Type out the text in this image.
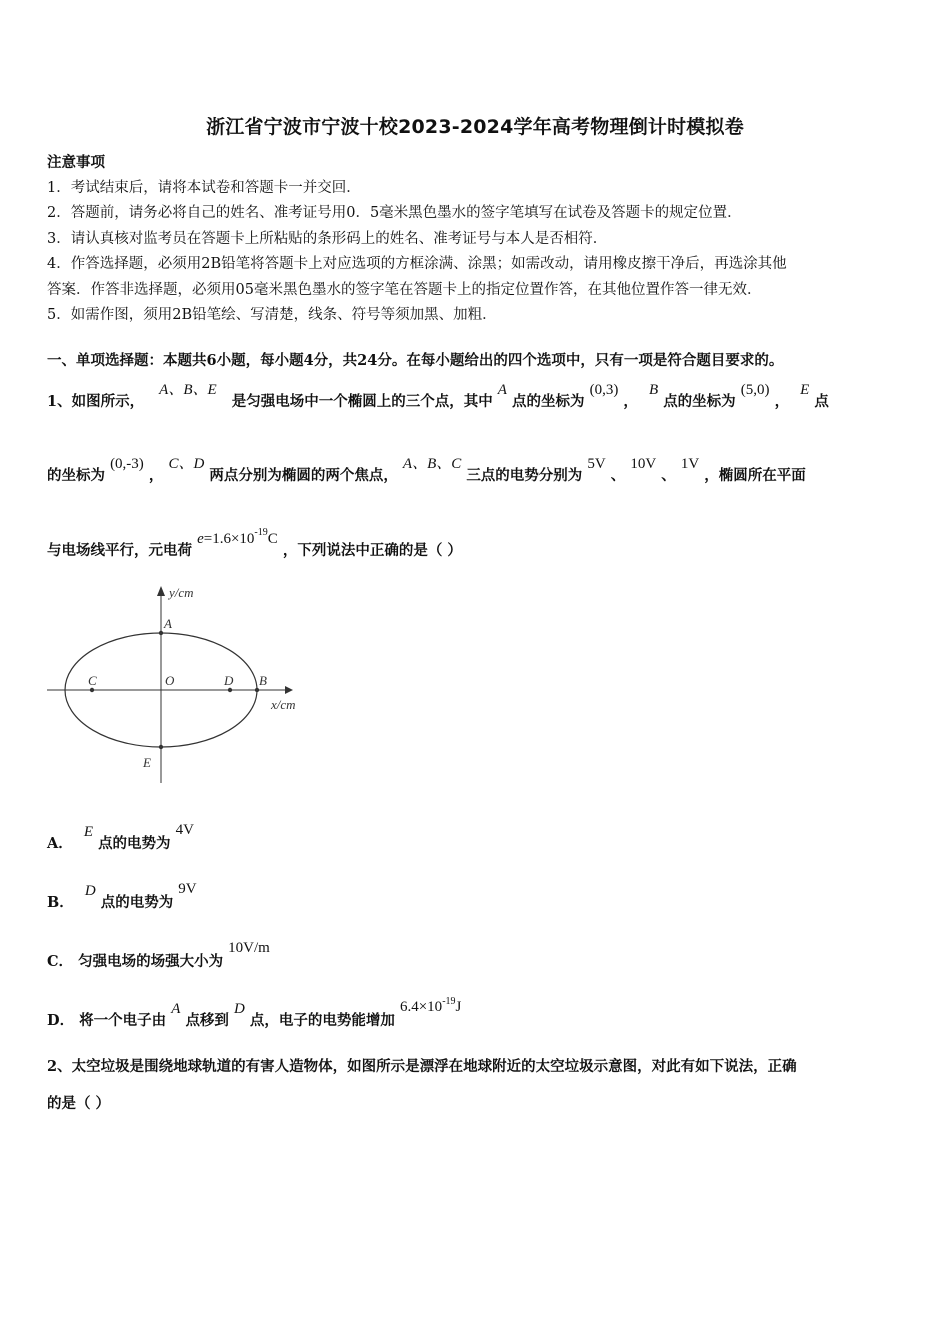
浙江省宁波市宁波十校2023-2024学年高考物理倒计时模拟卷
注意事项
1．考试结束后，请将本试卷和答题卡一并交回．
2．答题前，请务必将自己的姓名、准考证号用0．5毫米黑色墨水的签字笔填写在试卷及答题卡的规定位置．
3．请认真核对监考员在答题卡上所粘贴的条形码上的姓名、准考证号与本人是否相符．
4．作答选择题，必须用2B铅笔将答题卡上对应选项的方框涂满、涂黑；如需改动，请用橡皮擦干净后，再选涂其他
答案．作答非选择题，必须用05毫米黑色墨水的签字笔在答题卡上的指定位置作答，在其他位置作答一律无效．
5．如需作图，须用2B铅笔绘、写清楚，线条、符号等须加黑、加粗．
一、单项选择题：本题共6小题，每小题4分，共24分。在每小题给出的四个选项中，只有一项是符合题目要求的。
1、如图所示， A、B、E 是匀强电场中一个椭圆上的三个点，其中 A 点的坐标为 (0,3) ， B 点的坐标为 (5,0) ， E 点
的坐标为 (0,-3) ， C、D 两点分别为椭圆的两个焦点， A、B、C 三点的电势分别为 5V 、 10V 、 1V ，椭圆所在平面
与电场线平行，元电荷 $e=1.6\times 10^{-19}C$ ，下列说法中正确的是（ ）
y/cm
x/cm
A
B
C	D
O
E
A． E 点的电势为 4V
B． D 点的电势为 9V
C． 匀强电场的场强大小为 10V/m
D． 将一个电子由 A 点移到 D 点，电子的电势能增加 $6.4\times 10^{-19}J$
2、太空垃圾是围绕地球轨道的有害人造物体，如图所示是漂浮在地球附近的太空垃圾示意图，对此有如下说法，正确
的是（ ）
